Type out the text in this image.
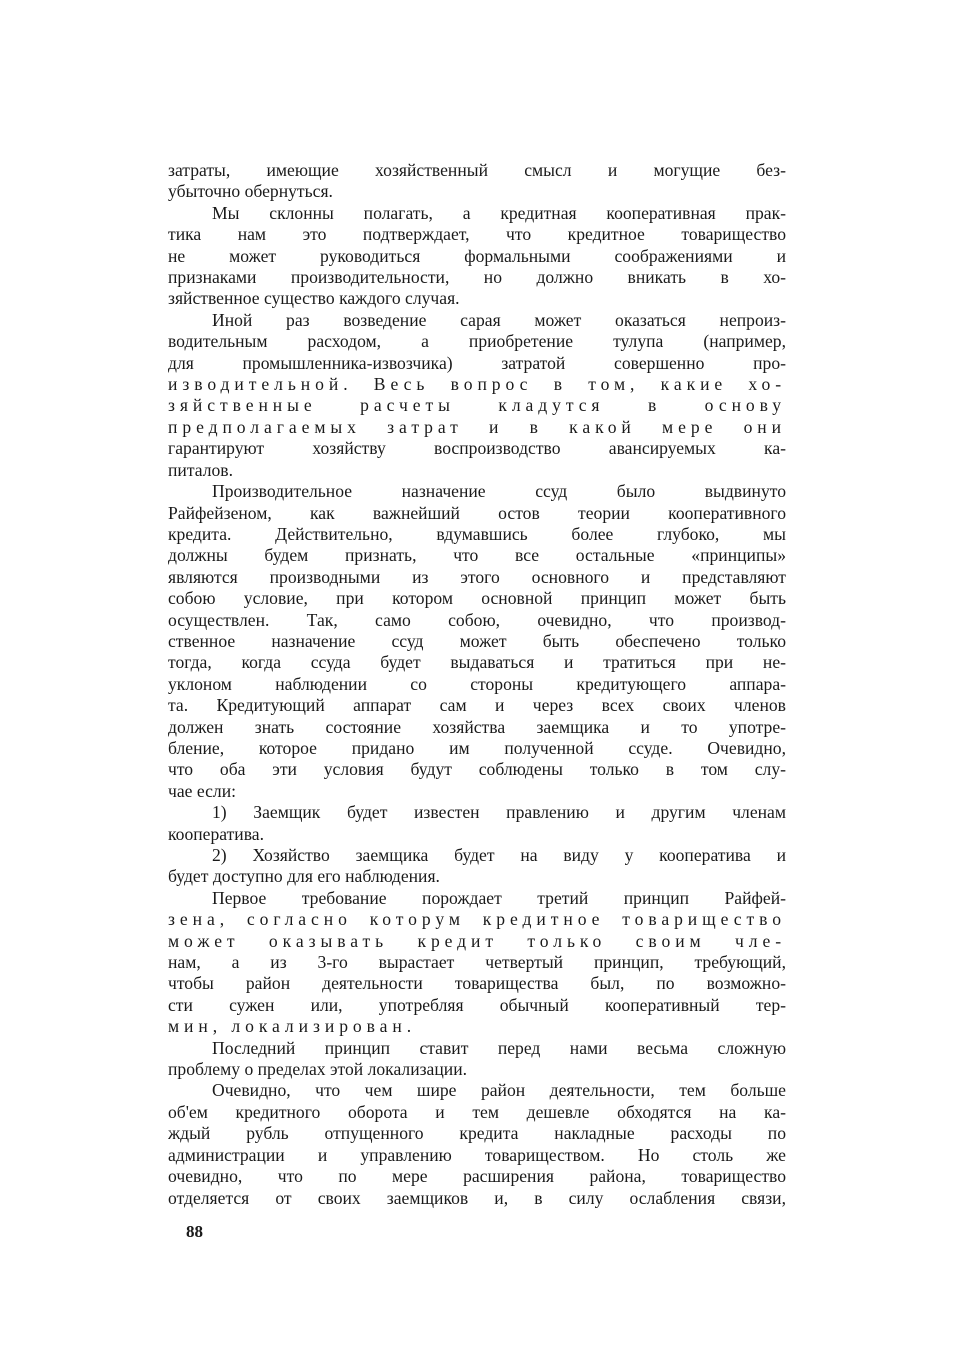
затраты, имеющие хозяйственный смысл и могущие без-
убыточно обернуться.
Мы склонны полагать, а кредитная кооперативная прак-
тика нам это подтверждает, что кредитное товарищество
не может руководиться формальными соображениями и
признаками производительности, но должно вникать в хо-
зяйственное существо каждого случая.
Иной раз возведение сарая может оказаться непроиз-
водительным расходом, а приобретение тулупа (например,
для промышленника-извозчика) затратой совершенно про-
изводительной. Весь вопрос в том, какие хо-
зяйственные расчеты кладутся в основу
предполагаемых затрат и в какой мере они
гарантируют хозяйству воспроизводство авансируемых ка-
питалов.
Производительное назначение ссуд было выдвинуто
Райфейзеном, как важнейший остов теории кооперативного
кредита. Действительно, вдумавшись более глубоко, мы
должны будем признать, что все остальные «принципы»
являются производными из этого основного и представляют
собою условие, при котором основной принцип может быть
осуществлен. Так, само собою, очевидно, что производ-
ственное назначение ссуд может быть обеспечено только
тогда, когда ссуда будет выдаваться и тратиться при не-
уклоном наблюдении со стороны кредитующего аппара-
та. Кредитующий аппарат сам и через всех своих членов
должен знать состояние хозяйства заемщика и то употре-
бление, которое придано им полученной ссуде. Очевидно,
что оба эти условия будут соблюдены только в том слу-
чае если:
1) Заемщик будет известен правлению и другим членам
кооператива.
2) Хозяйство заемщика будет на виду у кооператива и
будет доступно для его наблюдения.
Первое требование порождает третий принцип Райфей-
зена, согласно которум кредитное товарищество
может оказывать кредит только своим чле-
нам, а из 3-го вырастает четвертый принцип, требующий,
чтобы район деятельности товарищества был, по возможно-
сти сужен или, употребляя обычный кооперативный тер-
мин, локализирован.
Последний принцип ставит перед нами весьма сложную
проблему о пределах этой локализации.
Очевидно, что чем шире район деятельности, тем больше
об'ем кредитного оборота и тем дешевле обходятся на ка-
ждый рубль отпущенного кредита накладные расходы по
администрации и управлению товариществом. Но столь же
очевидно, что по мере расширения района, товарищество
отделяется от своих заемщиков и, в силу ослабления связи,
88
